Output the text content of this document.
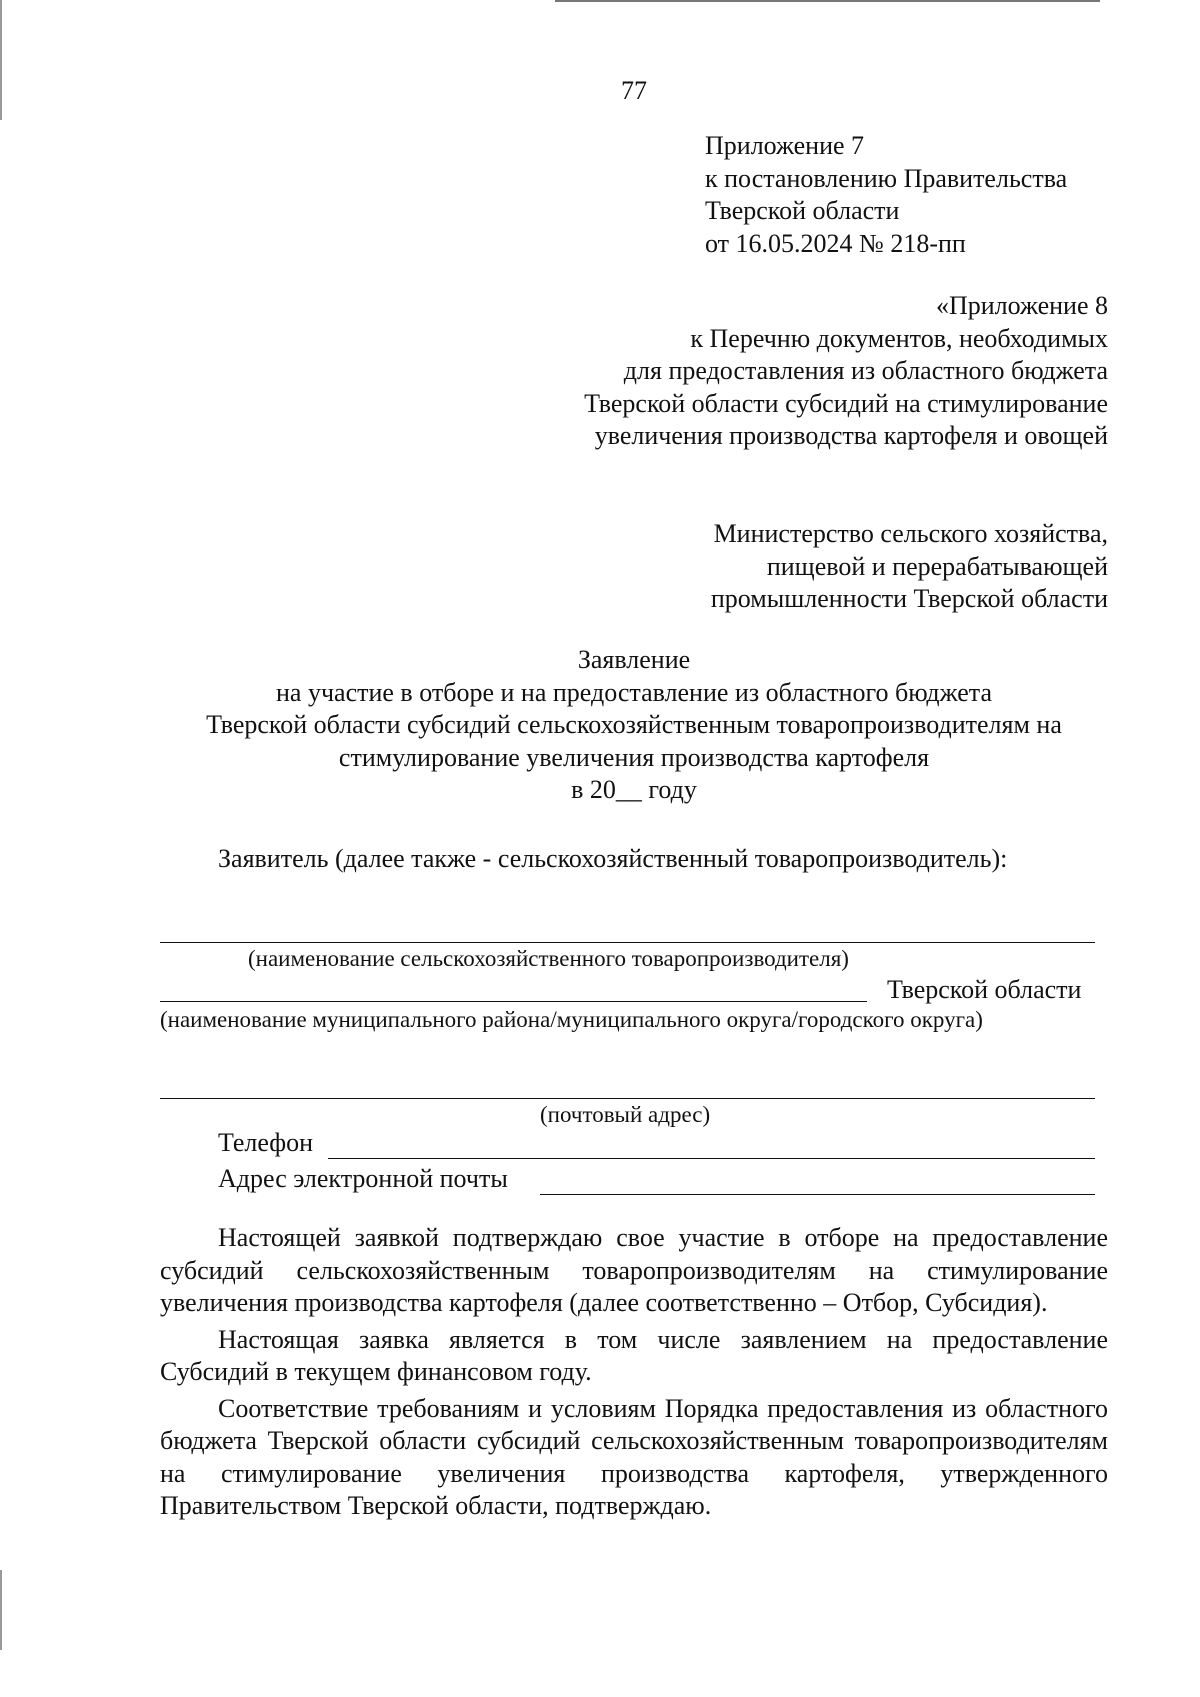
77
Приложение 7
к постановлению Правительства
Тверской области
от 16.05.2024 № 218-пп
«Приложение 8
к Перечню документов, необходимых
для предоставления из областного бюджета
Тверской области субсидий на стимулирование
увеличения производства картофеля и овощей
Министерство сельского хозяйства,
пищевой и перерабатывающей
промышленности Тверской области
Заявление
на участие в отборе и на предоставление из областного бюджета
Тверской области субсидий сельскохозяйственным товаропроизводителям на
стимулирование увеличения производства картофеля
в 20__ году
Заявитель (далее также - сельскохозяйственный товаропроизводитель):
(наименование сельскохозяйственного товаропроизводителя)
Тверской области
(наименование муниципального района/муниципального округа/городского округа)
(почтовый адрес)
Телефон
Адрес электронной почты

Настоящей заявкой подтверждаю свое участие в отборе на предоставление субсидий сельскохозяйственным товаропроизводителям на стимулирование увеличения производства картофеля (далее соответственно – Отбор, Субсидия).

Настоящая заявка является в том числе заявлением на предоставление Субсидий в текущем финансовом году.

Соответствие требованиям и условиям Порядка предоставления из областного бюджета Тверской области субсидий сельскохозяйственным товаропроизводителям на стимулирование увеличения производства картофеля, утвержденного Правительством Тверской области, подтверждаю.
